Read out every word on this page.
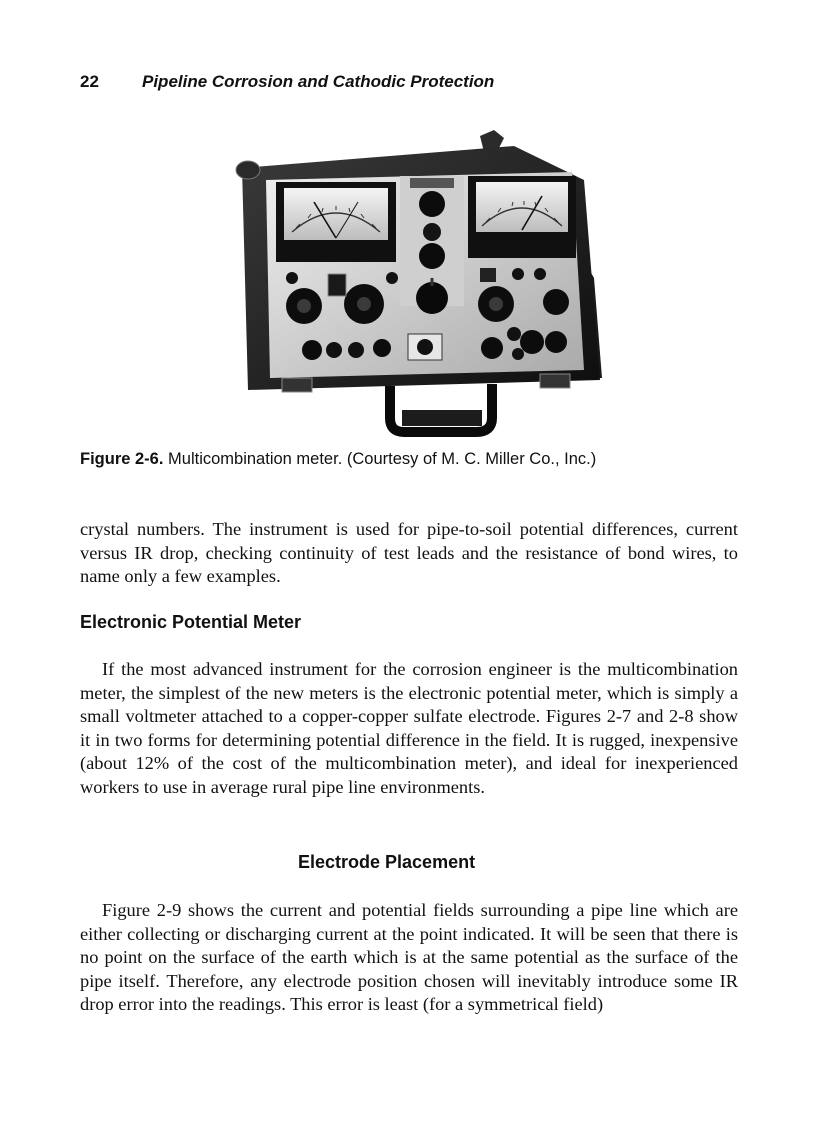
22	Pipeline Corrosion and Cathodic Protection
Figure 2-6. Multicombination meter. (Courtesy of M. C. Miller Co., Inc.)

crystal numbers. The instrument is used for pipe-to-soil potential differences, current versus IR drop, checking continuity of test leads and the resistance of bond wires, to name only a few examples.

Electronic Potential Meter

If the most advanced instrument for the corrosion engineer is the multicombination meter, the simplest of the new meters is the electronic potential meter, which is simply a small voltmeter attached to a copper-copper sulfate electrode. Figures 2-7 and 2-8 show it in two forms for determining potential difference in the field. It is rugged, inexpensive (about 12% of the cost of the multicombination meter), and ideal for inexperienced workers to use in average rural pipe line environments.

Electrode Placement

Figure 2-9 shows the current and potential fields surrounding a pipe line which are either collecting or discharging current at the point indicated. It will be seen that there is no point on the surface of the earth which is at the same potential as the surface of the pipe itself. Therefore, any electrode position chosen will inevitably introduce some IR drop error into the readings. This error is least (for a symmetrical field)
